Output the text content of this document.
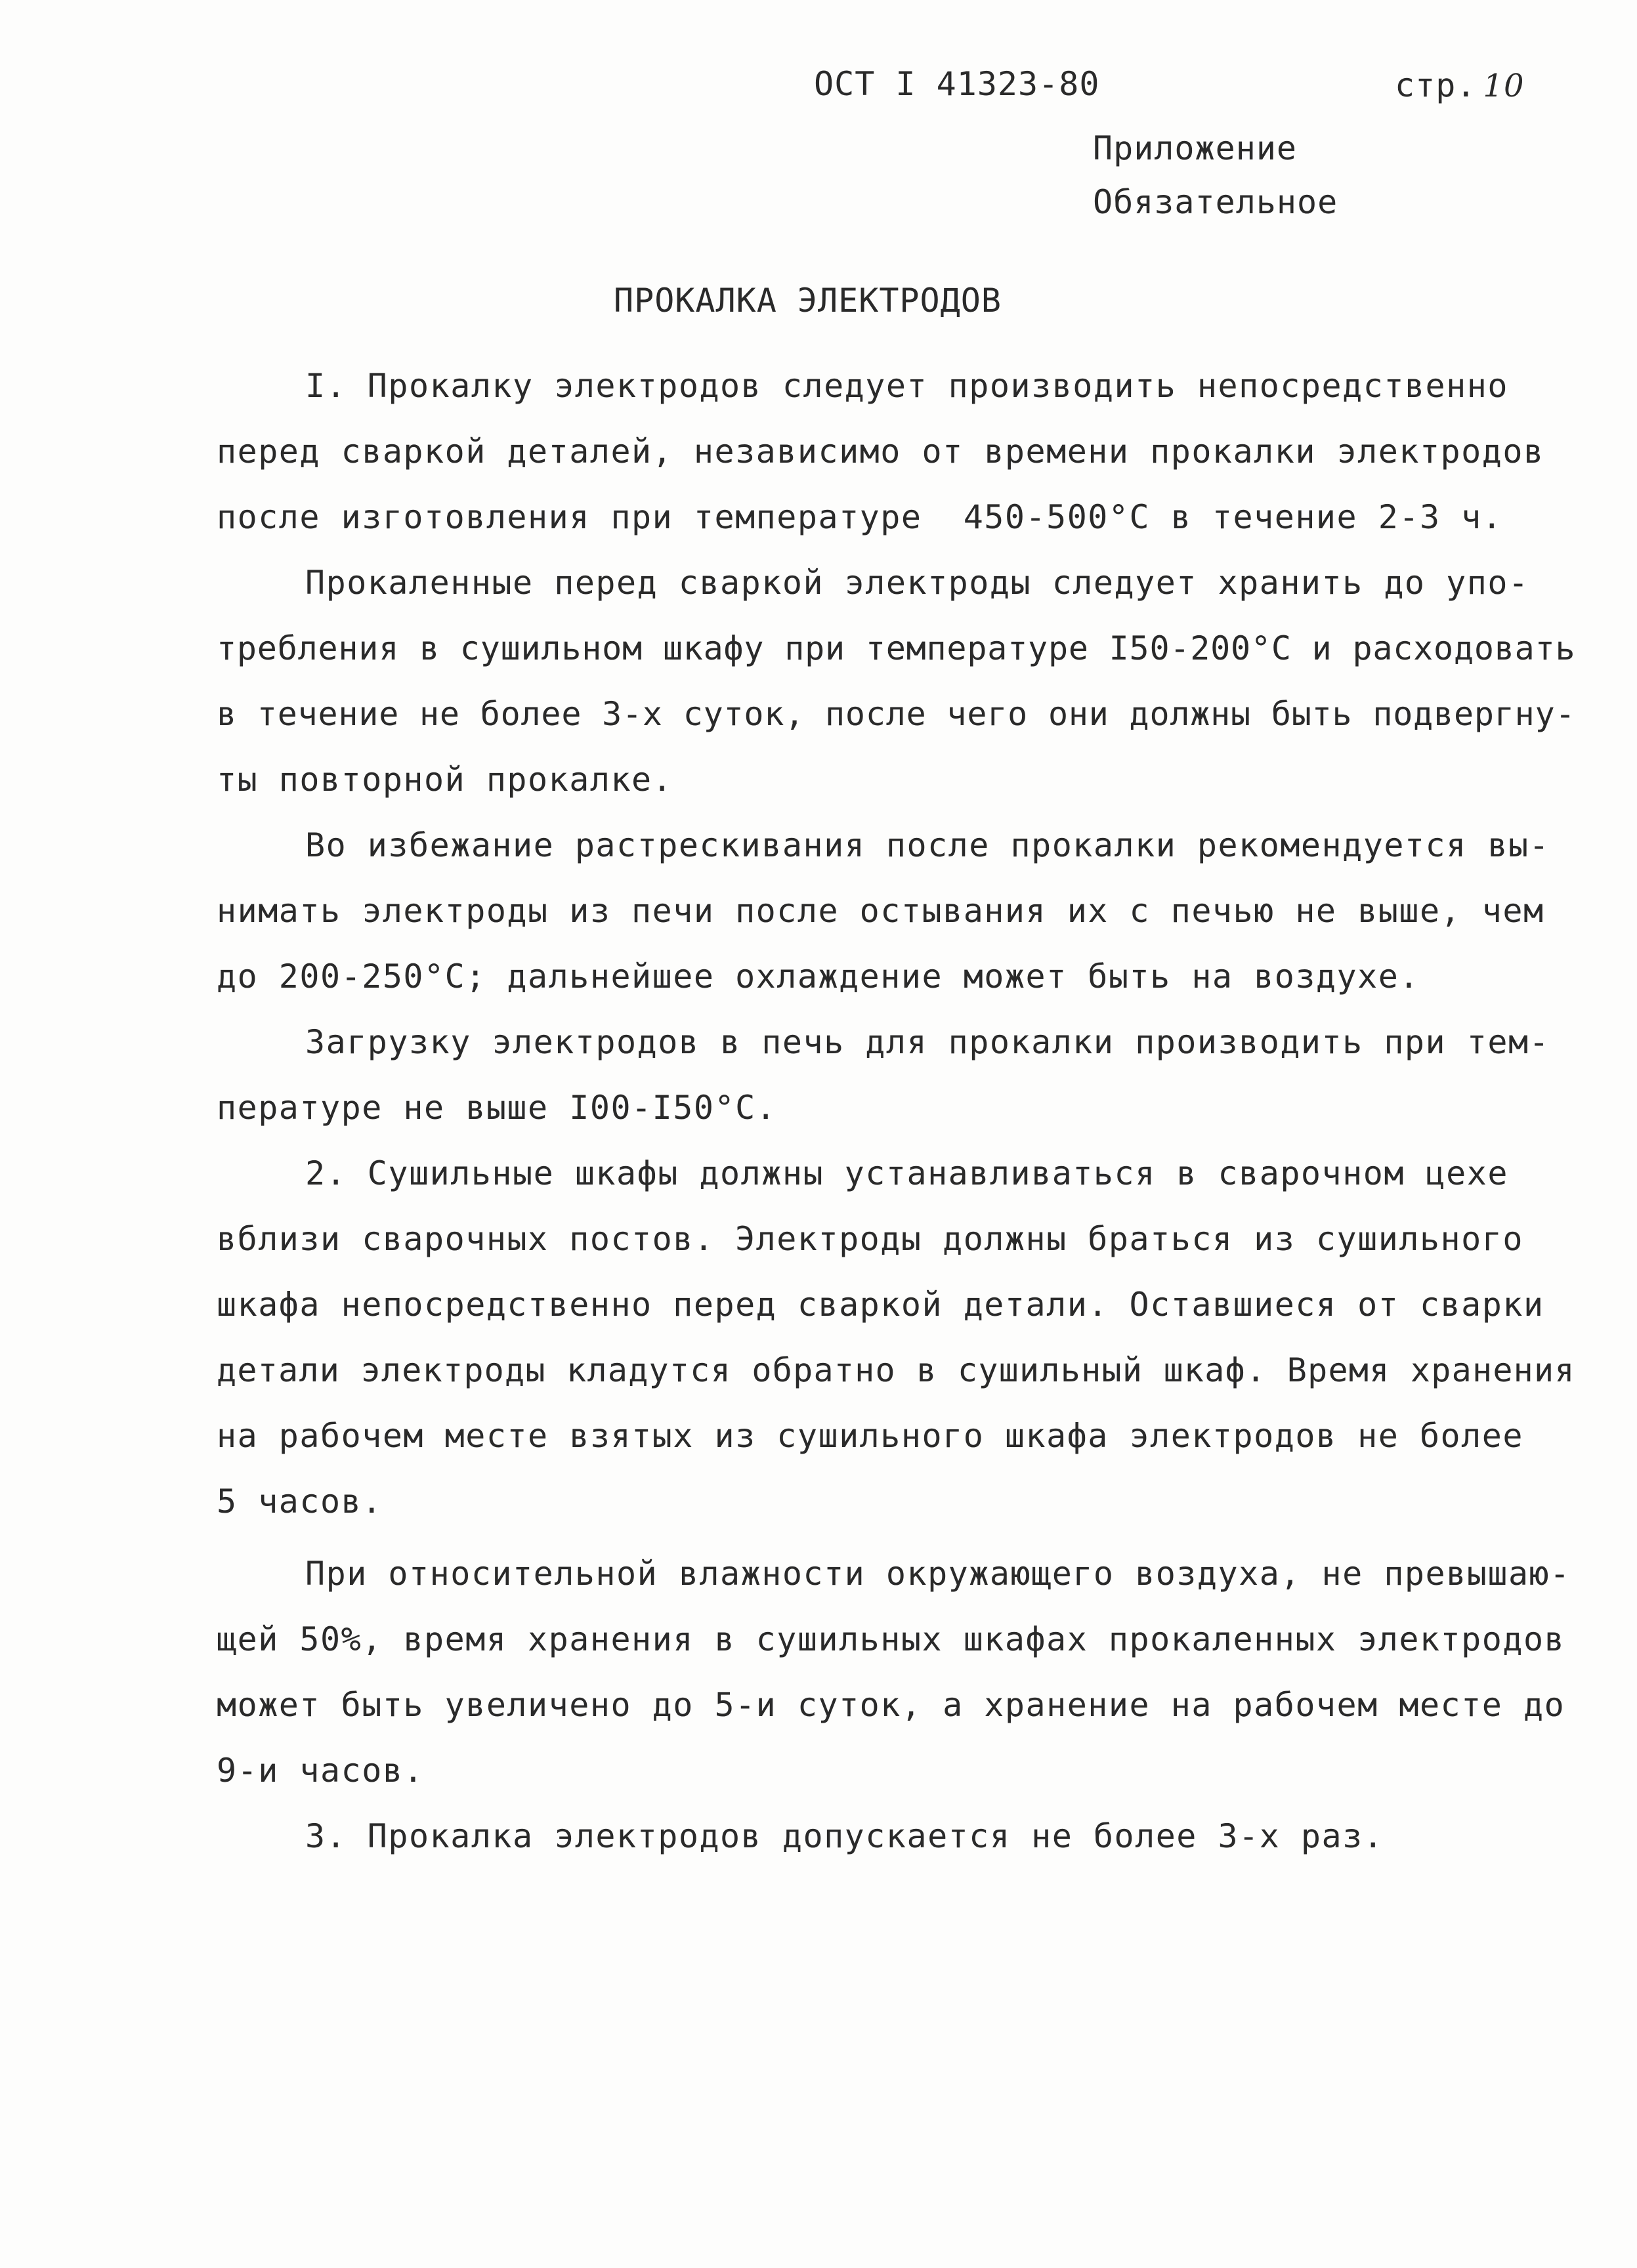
ОСТ I 41323-80	стр. 10
Приложение
Обязательное
ПРОКАЛКА ЭЛЕКТРОДОВ
I. Прокалку электродов следует производить непосредственно
перед сваркой деталей, независимо от времени прокалки электродов
после изготовления при температуре  450-500°С в течение 2-3 ч.
Прокаленные перед сваркой электроды следует хранить до упо-
требления в сушильном шкафу при температуре I50-200°С и расходовать
в течение не более 3-х суток, после чего они должны быть подвергну-
ты повторной прокалке.
Во избежание растрескивания после прокалки рекомендуется вы-
нимать электроды из печи после остывания их с печью не выше, чем
до 200-250°С; дальнейшее охлаждение может быть на воздухе.
Загрузку электродов в печь для прокалки производить при тем-
пературе не выше I00-I50°С.
2. Сушильные шкафы должны устанавливаться в сварочном цехе
вблизи сварочных постов. Электроды должны браться из сушильного
шкафа непосредственно перед сваркой детали. Оставшиеся от сварки
детали электроды кладутся обратно в сушильный шкаф. Время хранения
на рабочем месте взятых из сушильного шкафа электродов не более
5 часов.
При относительной влажности окружающего воздуха, не превышаю-
щей 50%, время хранения в сушильных шкафах прокаленных электродов
может быть увеличено до 5-и суток, а хранение на рабочем месте до
9-и часов.
3. Прокалка электродов допускается не более 3-х раз.
